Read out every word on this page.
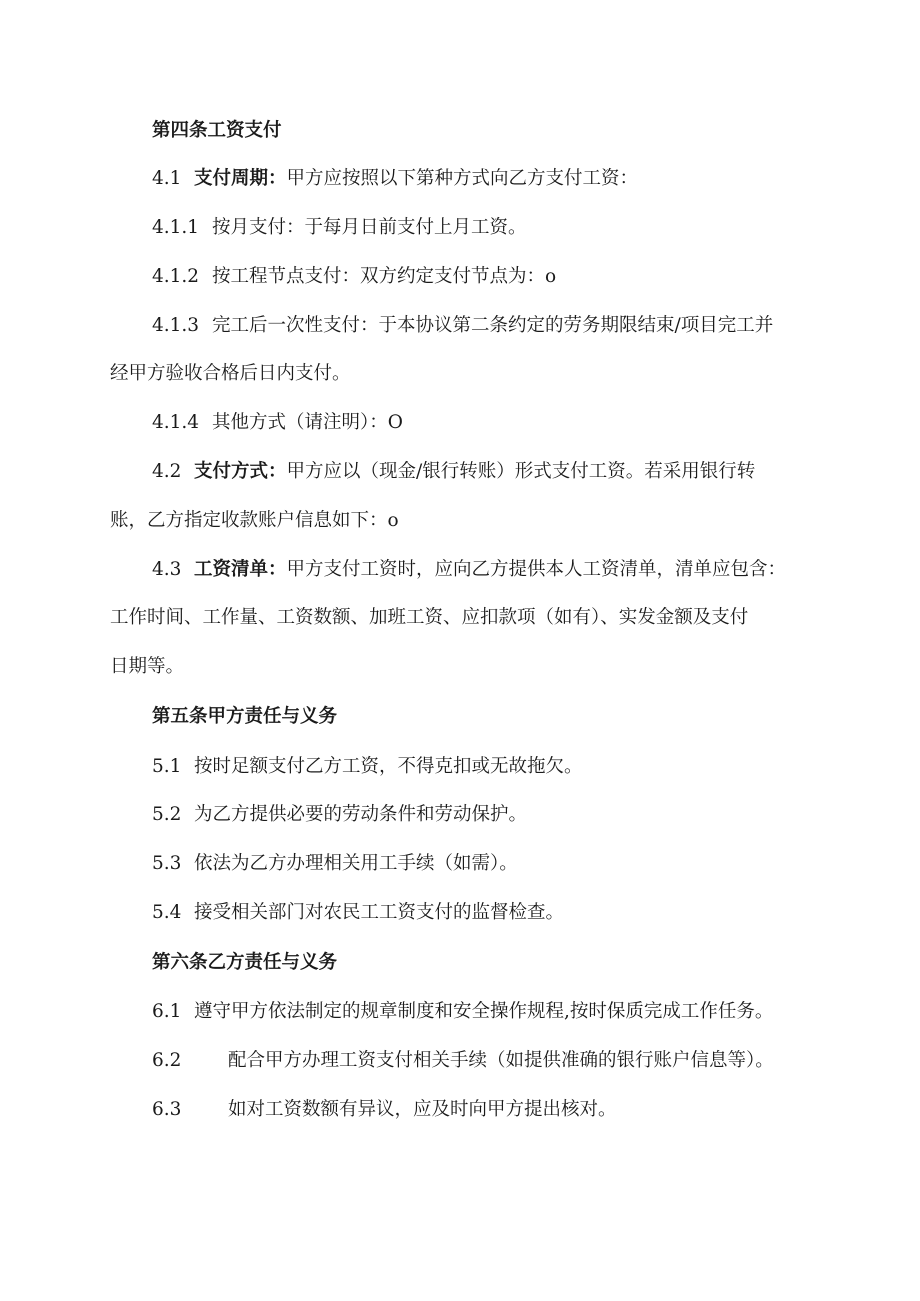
第四条工资支付
4.1 支付周期：甲方应按照以下第种方式向乙方支付工资：
4.1.1 按月支付：于每月日前支付上月工资。
4.1.2 按工程节点支付：双方约定支付节点为：o
4.1.3 完工后一次性支付：于本协议第二条约定的劳务期限结束/项目完工并
经甲方验收合格后日内支付。
4.1.4 其他方式（请注明）：O
4.2 支付方式：甲方应以（现金/银行转账）形式支付工资。若采用银行转
账，乙方指定收款账户信息如下：o
4.3 工资清单：甲方支付工资时，应向乙方提供本人工资清单，清单应包含：
工作时间、工作量、工资数额、加班工资、应扣款项（如有）、实发金额及支付
日期等。
第五条甲方责任与义务
5.1 按时足额支付乙方工资，不得克扣或无故拖欠。
5.2 为乙方提供必要的劳动条件和劳动保护。
5.3 依法为乙方办理相关用工手续（如需）。
5.4 接受相关部门对农民工工资支付的监督检查。
第六条乙方责任与义务
6.1 遵守甲方依法制定的规章制度和安全操作规程,按时保质完成工作任务。
6.2	配合甲方办理工资支付相关手续（如提供准确的银行账户信息等）。
6.3	如对工资数额有异议，应及时向甲方提出核对。
